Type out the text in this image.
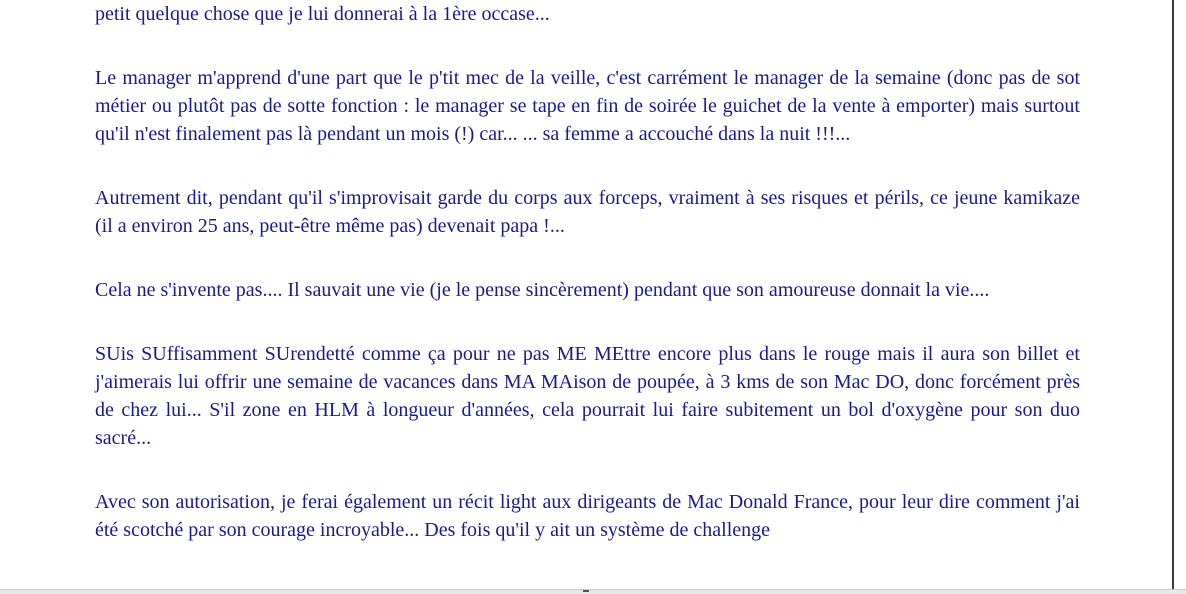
petit quelque chose que je lui donnerai à la 1ère occase...

Le manager m'apprend d'une part que le p'tit mec de la veille, c'est carrément le manager de la semaine (donc pas de sot métier ou plutôt pas de sotte fonction : le manager se tape en fin de soirée le guichet de la vente à emporter) mais surtout qu'il n'est finalement pas là pendant un mois (!) car... ... sa femme a accouché dans la nuit !!!...

Autrement dit, pendant qu'il s'improvisait garde du corps aux forceps, vraiment à ses risques et périls, ce jeune kamikaze (il a environ 25 ans, peut-être même pas) devenait papa !...

Cela ne s'invente pas.... Il sauvait une vie (je le pense sincèrement) pendant que son amoureuse donnait la vie....

SUis SUffisamment SUrendetté comme ça pour ne pas ME MEttre encore plus dans le rouge mais il aura son billet et j'aimerais lui offrir une semaine de vacances dans MA MAison de poupée, à 3 kms de son Mac DO, donc forcément près de chez lui... S'il zone en HLM à longueur d'années, cela pourrait lui faire subitement un bol d'oxygène pour son duo sacré...

Avec son autorisation, je ferai également un récit light aux dirigeants de Mac Donald France, pour leur dire comment j'ai été scotché par son courage incroyable... Des fois qu'il y ait un système de challenge
